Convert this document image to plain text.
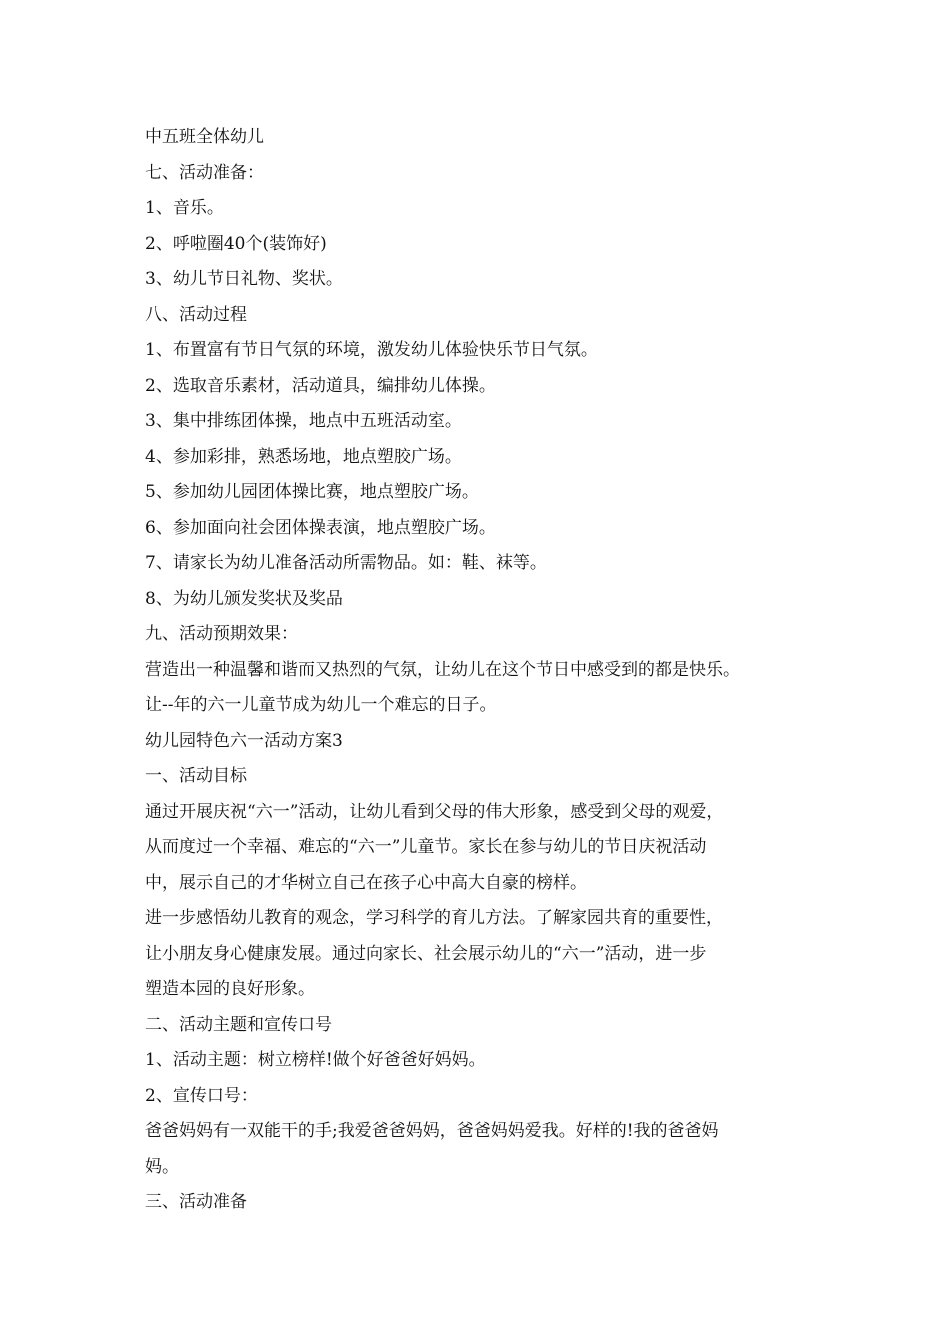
中五班全体幼儿

七、活动准备：

1、音乐。

2、呼啦圈40个(装饰好)

3、幼儿节日礼物、奖状。

八、活动过程

1、布置富有节日气氛的环境，激发幼儿体验快乐节日气氛。

2、选取音乐素材，活动道具，编排幼儿体操。

3、集中排练团体操，地点中五班活动室。

4、参加彩排，熟悉场地，地点塑胶广场。

5、参加幼儿园团体操比赛，地点塑胶广场。

6、参加面向社会团体操表演，地点塑胶广场。

7、请家长为幼儿准备活动所需物品。如：鞋、袜等。

8、为幼儿颁发奖状及奖品

九、活动预期效果：

营造出一种温馨和谐而又热烈的气氛，让幼儿在这个节日中感受到的都是快乐。

让--年的六一儿童节成为幼儿一个难忘的日子。

幼儿园特色六一活动方案3

一、活动目标

通过开展庆祝“六一”活动，让幼儿看到父母的伟大形象，感受到父母的观爱，

从而度过一个幸福、难忘的“六一”儿童节。家长在参与幼儿的节日庆祝活动

中，展示自己的才华树立自己在孩子心中高大自豪的榜样。

进一步感悟幼儿教育的观念，学习科学的育儿方法。了解家园共育的重要性，

让小朋友身心健康发展。通过向家长、社会展示幼儿的“六一”活动，进一步

塑造本园的良好形象。

二、活动主题和宣传口号

1、活动主题：树立榜样!做个好爸爸好妈妈。

2、宣传口号：

爸爸妈妈有一双能干的手;我爱爸爸妈妈，爸爸妈妈爱我。好样的!我的爸爸妈

妈。

三、活动准备
